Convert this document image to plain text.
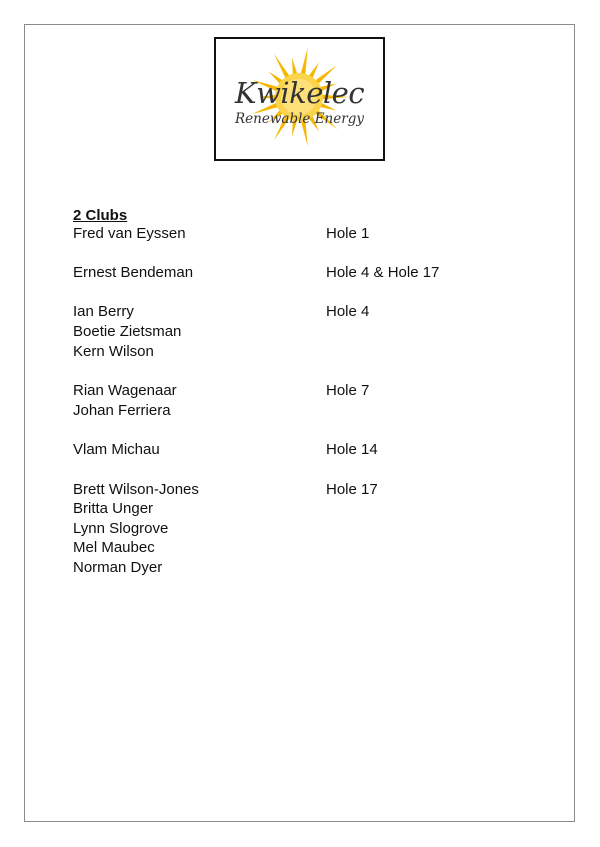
Kwikelec
Renewable Energy
2 Clubs
Fred van Eyssen	Hole 1
Ernest Bendeman	Hole 4 & Hole 17
Ian Berry	Hole 4
Boetie Zietsman
Kern Wilson
Rian Wagenaar	Hole 7
Johan Ferriera
Vlam Michau	Hole 14
Brett Wilson-Jones	Hole 17
Britta Unger
Lynn Slogrove
Mel Maubec
Norman Dyer
